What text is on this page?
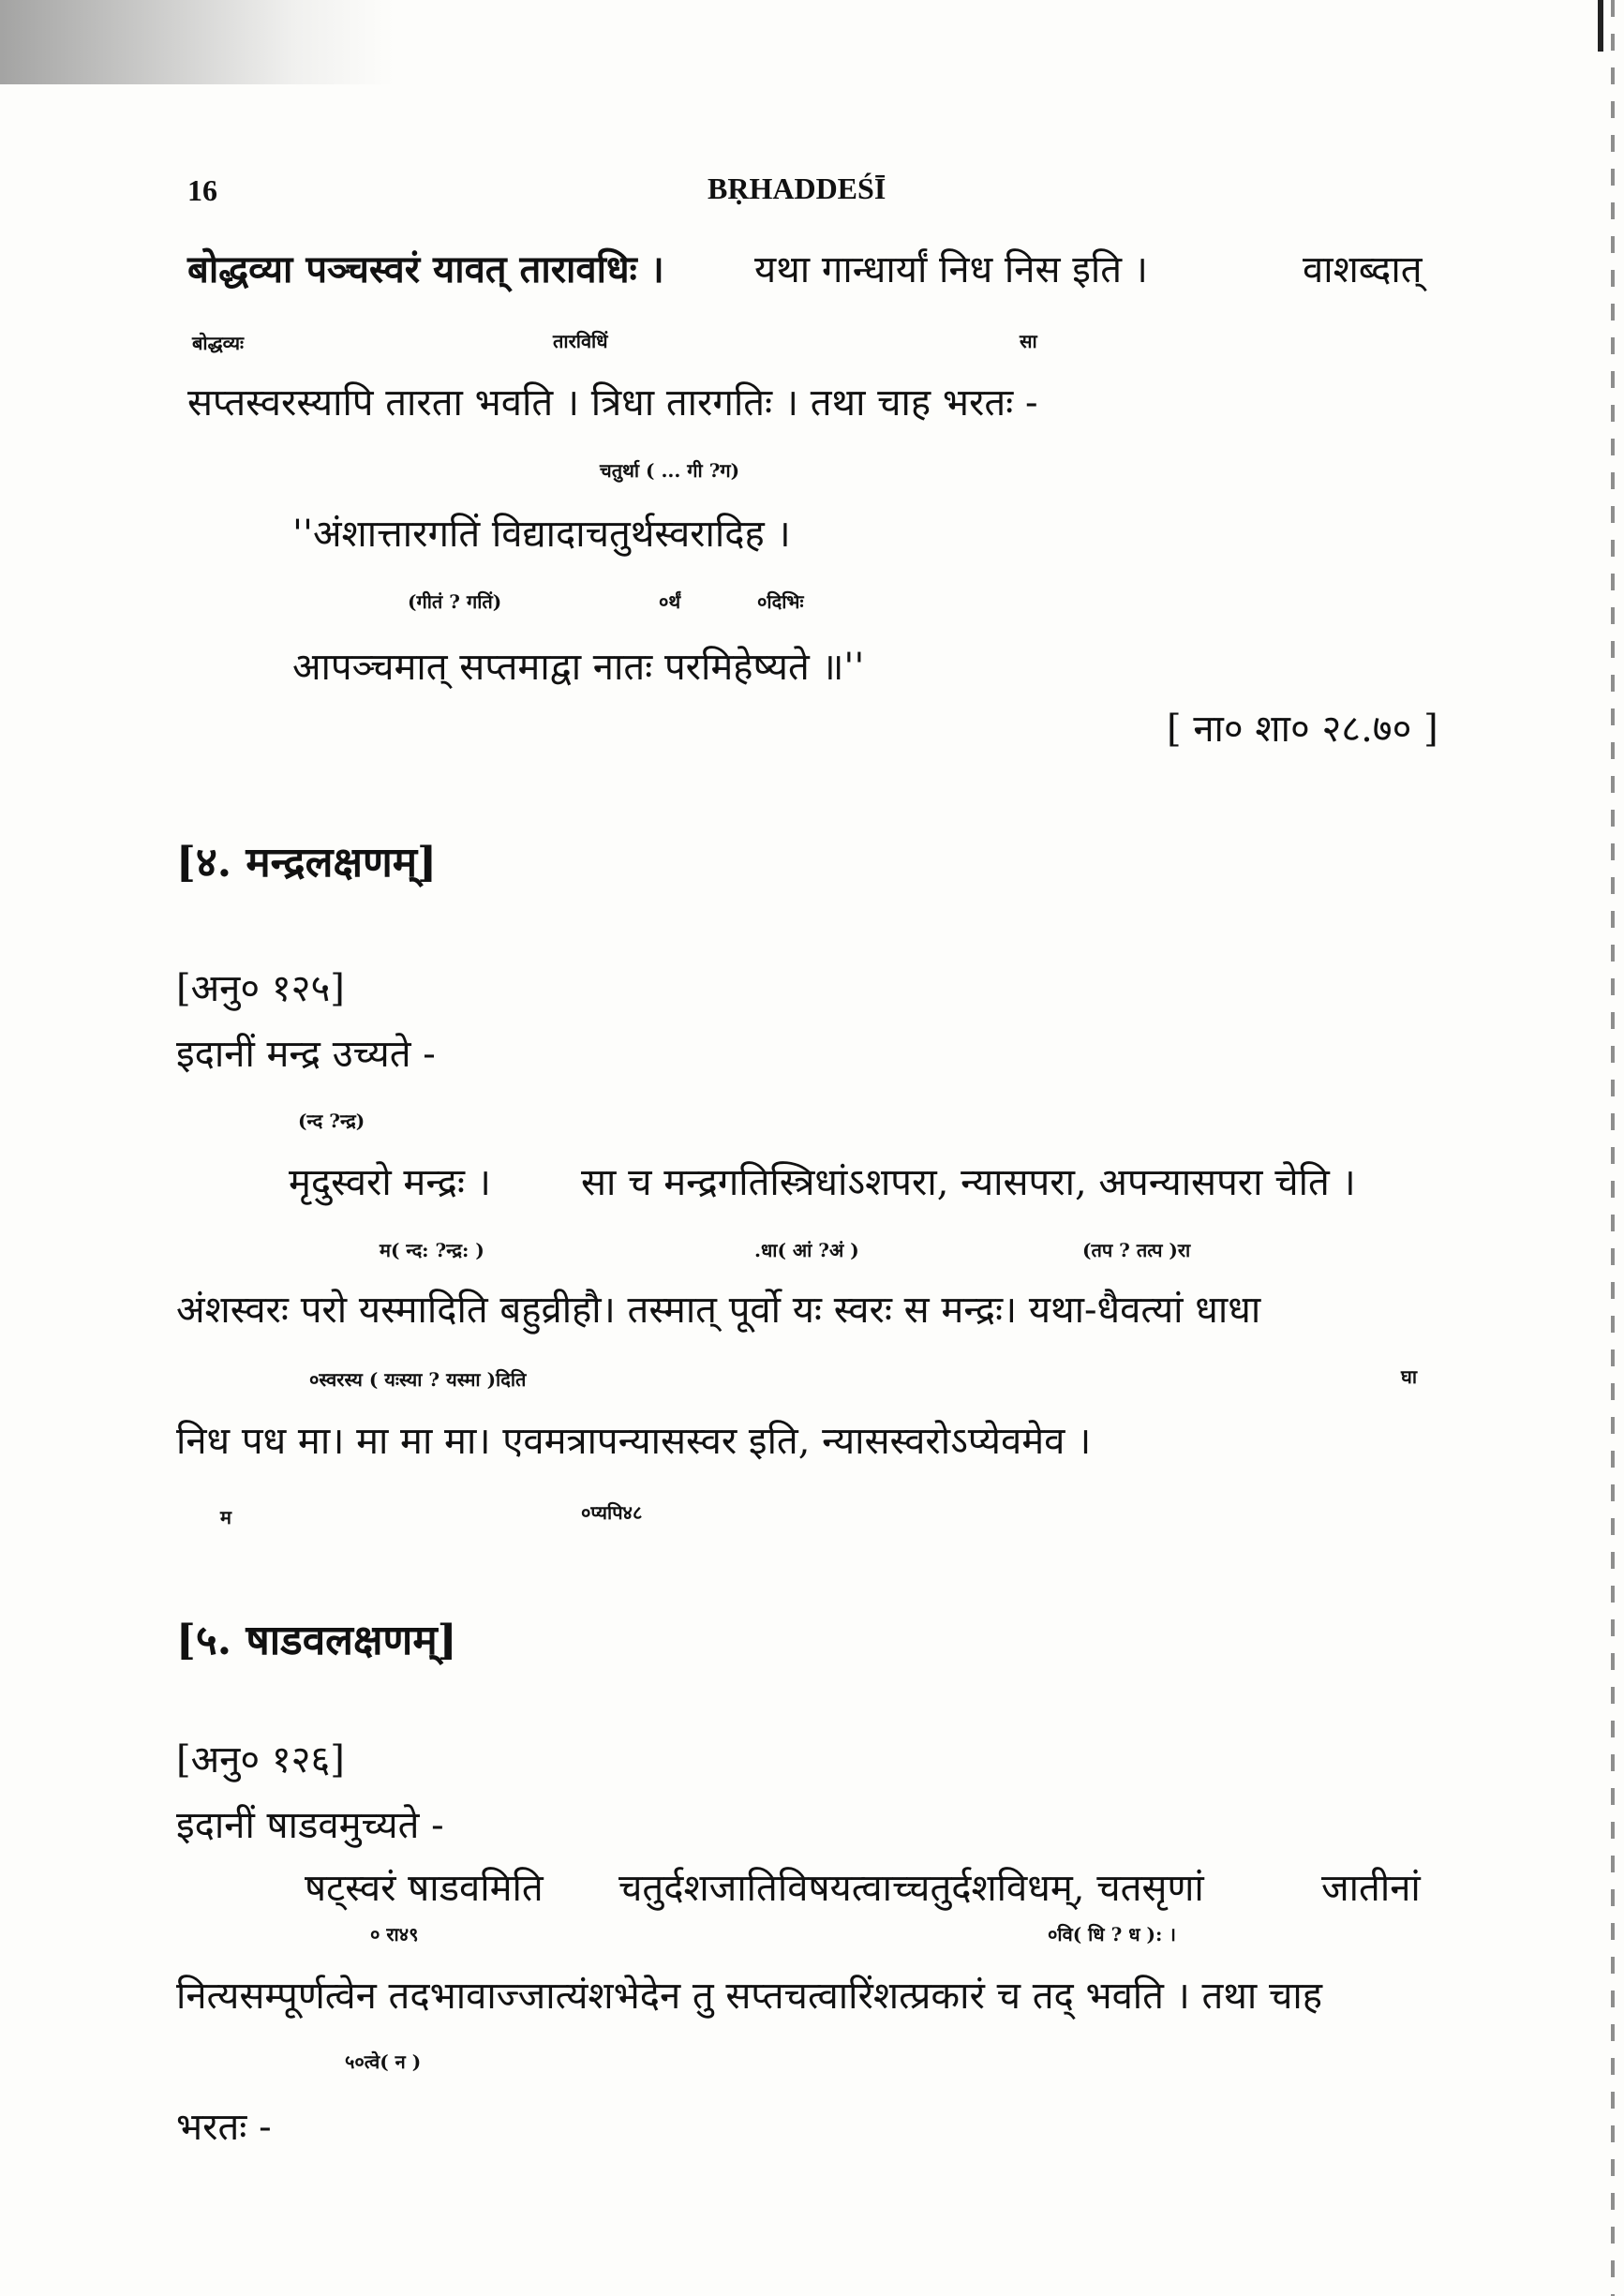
16	BṚHADDEŚĪ
बोद्धव्या पञ्चस्वरं यावत् तारावधिः । यथा गान्धार्यां निध निस इति ।	वाशब्दात्
बोद्धव्यः	तारविधिं	सा
सप्तस्वरस्यापि तारता भवति । त्रिधा तारगतिः । तथा चाह भरतः -
चतुर्था ( ... गी ?ग)
''अंशात्तारगतिं विद्यादाचतुर्थस्वरादिह ।
(गीतं ? गतिं)	०र्थं	०दिभिः
आपञ्चमात् सप्तमाद्वा नातः परमिहेष्यते ॥''
[ ना० शा० २८.७० ]
[४. मन्द्रलक्षणम्]
[अनु० १२५]
इदानीं मन्द्र उच्यते -
(न्द ?न्द्र)
मृदुस्वरो मन्द्रः । सा च मन्द्रगतिस्त्रिधांऽशपरा, न्यासपरा, अपन्यासपरा चेति ।
म( न्द: ?न्द्र: )	.धा( आं ?अं )	(तप ? तत्प )रा
अंशस्वरः परो यस्मादिति बहुव्रीहौ। तस्मात् पूर्वो यः स्वरः स मन्द्रः। यथा-धैवत्यां धाधा
०स्वरस्य ( यःस्या ? यस्मा )दिति	घा
निध पध मा। मा मा मा। एवमत्रापन्यासस्वर इति, न्यासस्वरोऽप्येवमेव ।
म	०प्यपि४८
[५. षाडवलक्षणम्]
[अनु० १२६]
इदानीं षाडवमुच्यते -
षट्स्वरं षाडवमिति चतुर्दशजातिविषयत्वाच्चतुर्दशविधम्, चतसृणां	जातीनां
० रा४९	०वि( धि ? ध ): ।
नित्यसम्पूर्णत्वेन तदभावाज्जात्यंशभेदेन तु सप्तचत्वारिंशत्प्रकारं च तद् भवति । तथा चाह
५०त्वे( न )
भरतः -
